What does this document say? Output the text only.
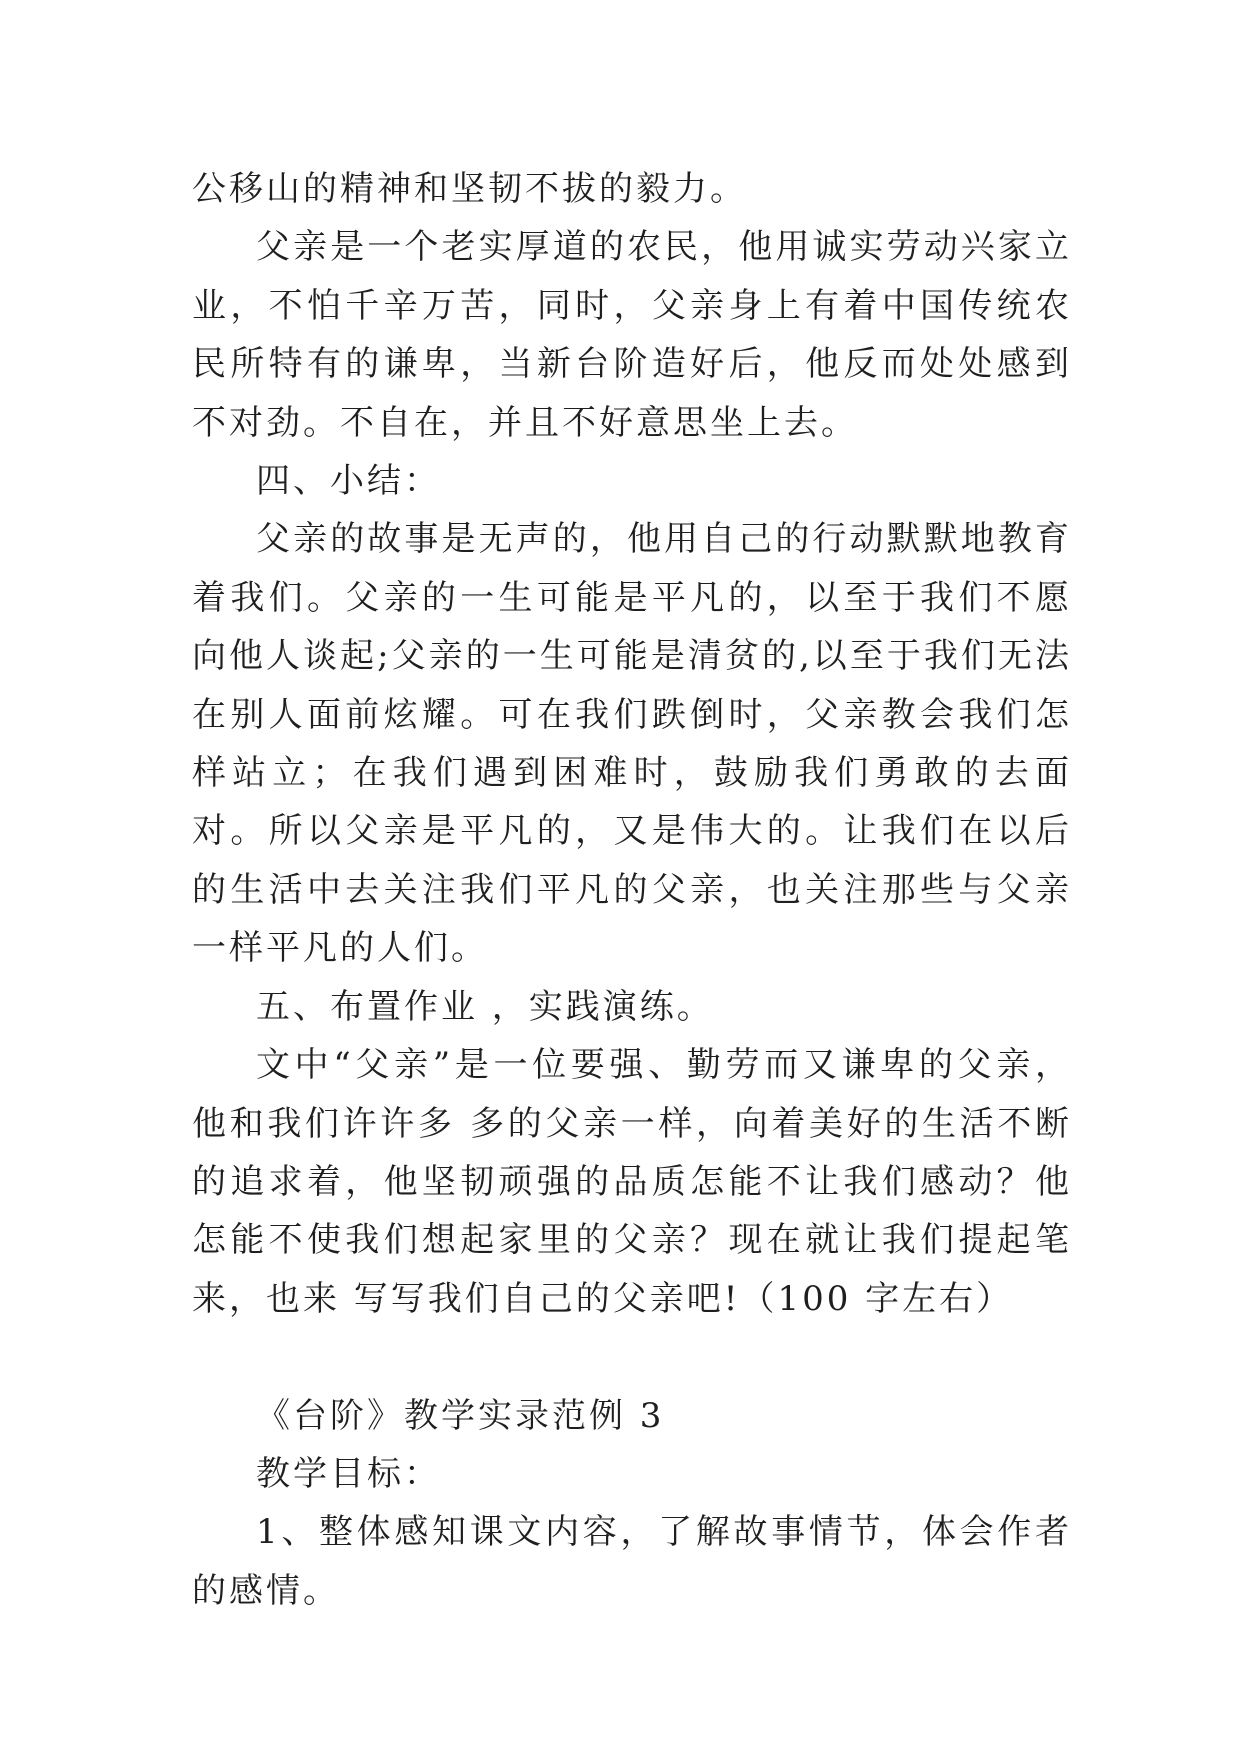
公移山的精神和坚韧不拔的毅力。

父亲是一个老实厚道的农民，他用诚实劳动兴家立业，不怕千辛万苦，同时，父亲身上有着中国传统农民所特有的谦卑，当新台阶造好后，他反而处处感到不对劲。不自在，并且不好意思坐上去。

四、小结：

父亲的故事是无声的，他用自己的行动默默地教育着我们。父亲的一生可能是平凡的，以至于我们不愿向他人谈起;父亲的一生可能是清贫的,以至于我们无法在别人面前炫耀。可在我们跌倒时，父亲教会我们怎样站立；在我们遇到困难时，鼓励我们勇敢的去面对。所以父亲是平凡的，又是伟大的。让我们在以后的生活中去关注我们平凡的父亲，也关注那些与父亲一样平凡的人们。

五、布置作业 ，实践演练。

文中“父亲”是一位要强、勤劳而又谦卑的父亲，他和我们许许多 多的父亲一样，向着美好的生活不断的追求着，他坚韧顽强的品质怎能不让我们感动？他怎能不使我们想起家里的父亲？现在就让我们提起笔来，也来 写写我们自己的父亲吧!（100 字左右）

《台阶》教学实录范例 3

教学目标：

1、整体感知课文内容，了解故事情节，体会作者的感情。
